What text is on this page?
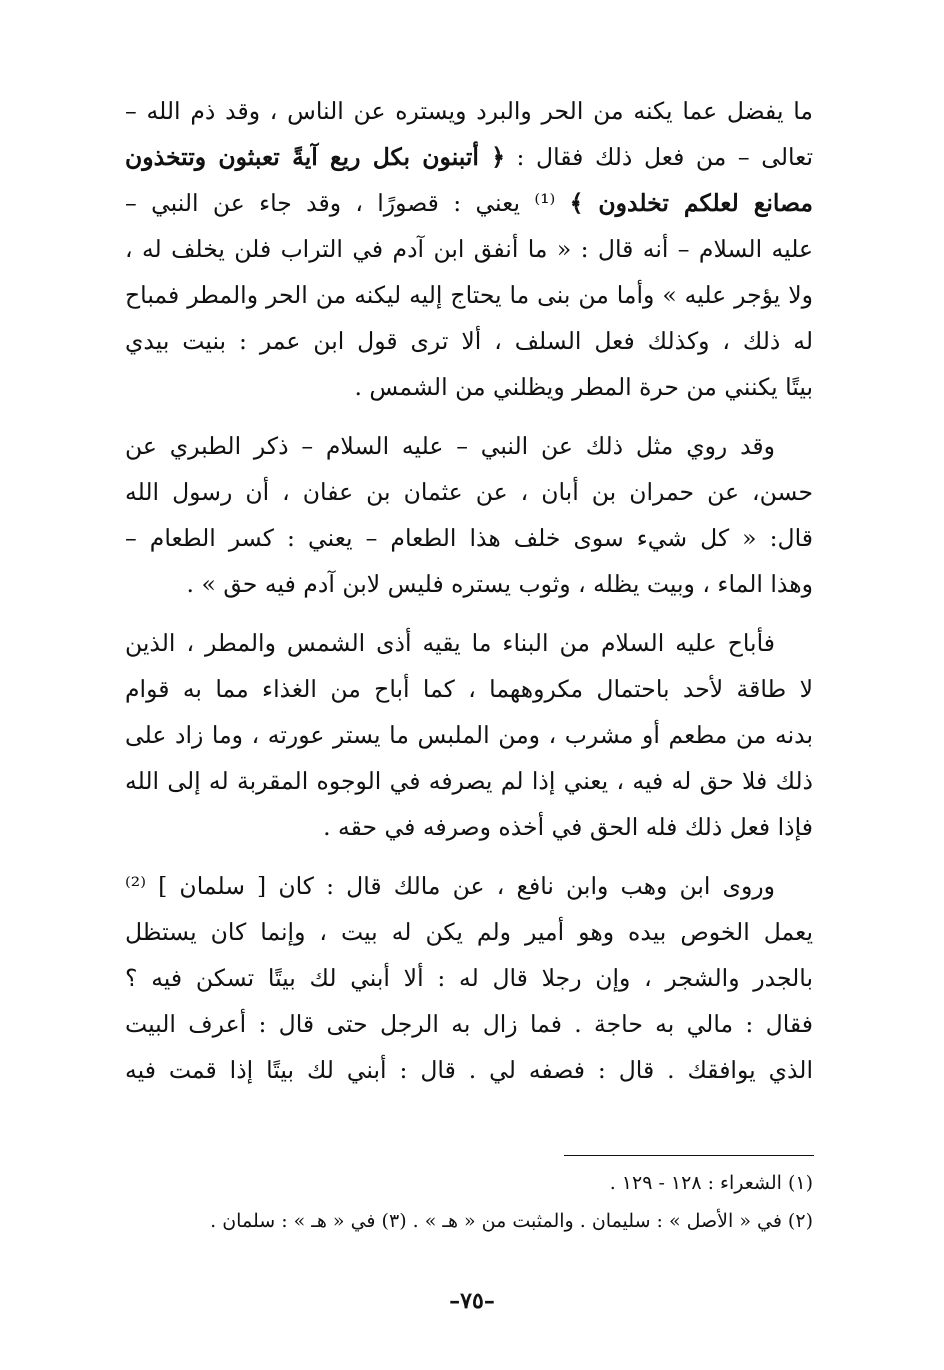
ما يفضل عما يكنه من الحر والبرد ويستره عن الناس ، وقد ذم الله –
تعالى – من فعل ذلك فقال : ﴿ أتبنون بكل ريع آيةً تعبثون وتتخذون
مصانع لعلكم تخلدون ﴾ ⁽¹⁾ يعني : قصورًا ، وقد جاء عن النبي –
عليه السلام – أنه قال : « ما أنفق ابن آدم في التراب فلن يخلف له ،
ولا يؤجر عليه » وأما من بنى ما يحتاج إليه ليكنه من الحر والمطر فمباح
له ذلك ، وكذلك فعل السلف ، ألا ترى قول ابن عمر : بنيت بيدي
بيتًا يكنني من حرة المطر ويظلني من الشمس .
وقد روي مثل ذلك عن النبي – عليه السلام – ذكر الطبري عن
حسن، عن حمران بن أبان ، عن عثمان بن عفان ، أن رسول الله
قال: « كل شيء سوى خلف هذا الطعام – يعني : كسر الطعام –
وهذا الماء ، وبيت يظله ، وثوب يستره فليس لابن آدم فيه حق » .
فأباح عليه السلام من البناء ما يقيه أذى الشمس والمطر ، الذين
لا طاقة لأحد باحتمال مكروههما ، كما أباح من الغذاء مما به قوام
بدنه من مطعم أو مشرب ، ومن الملبس ما يستر عورته ، وما زاد على
ذلك فلا حق له فيه ، يعني إذا لم يصرفه في الوجوه المقربة له إلى الله
فإذا فعل ذلك فله الحق في أخذه وصرفه في حقه .
وروى ابن وهب وابن نافع ، عن مالك قال : كان [ سلمان ] ⁽²⁾
يعمل الخوص بيده وهو أمير ولم يكن له بيت ، وإنما كان يستظل
بالجدر والشجر ، وإن رجلا قال له : ألا أبني لك بيتًا تسكن فيه ؟
فقال : مالي به حاجة . فما زال به الرجل حتى قال : أعرف البيت
الذي يوافقك . قال : فصفه لي . قال : أبني لك بيتًا إذا قمت فيه
(١) الشعراء : ١٢٨ - ١٢٩ .
(٢) في « الأصل » : سليمان . والمثبت من « هـ » . (٣) في « هـ » : سلمان .
–٧٥–
